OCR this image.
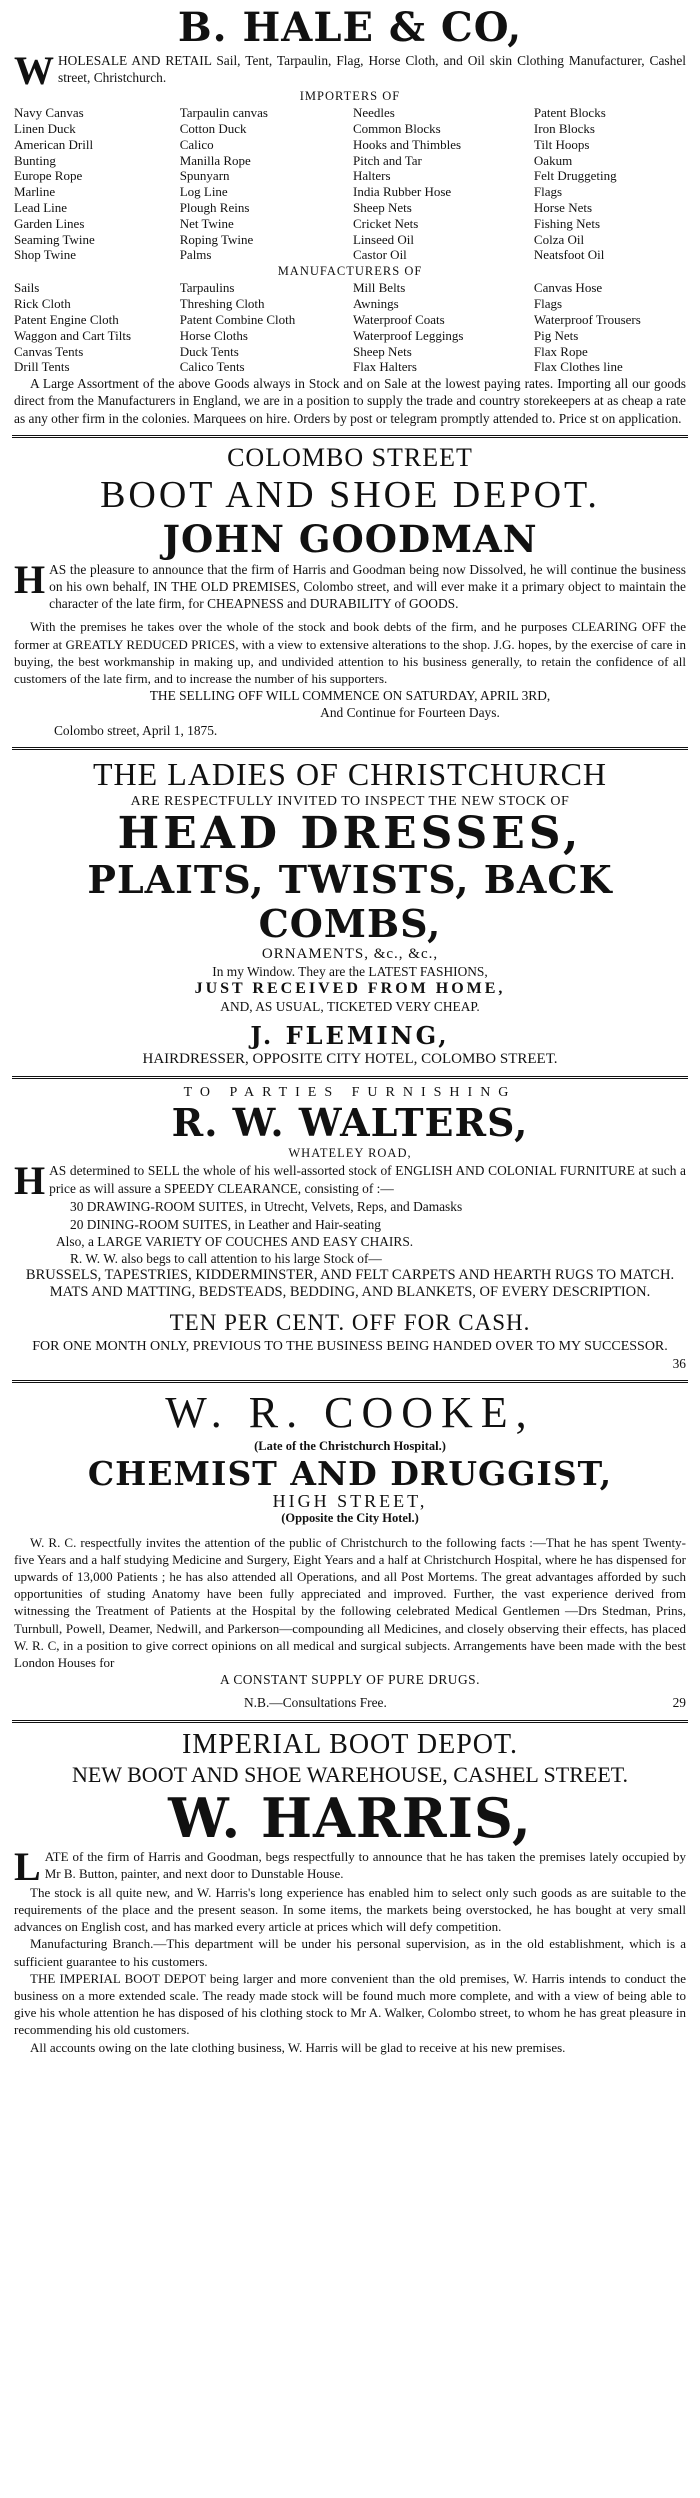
B. HALE & CO,
WHOLESALE AND RETAIL Sail, Tent, Tarpaulin, Flag, Horse Cloth, and Oil skin Clothing Manufacturer, Cashel street, Christchurch.
IMPORTERS OF
Navy Canvas	Tarpaulin canvas	Needles	Patent Blocks
Linen Duck	Cotton Duck	Common Blocks	Iron Blocks
American Drill	Calico	Hooks and Thimbles	Tilt Hoops
Bunting	Manilla Rope	Pitch and Tar	Oakum
Europe Rope	Spunyarn	Halters	Felt Druggeting
Marline	Log Line	India Rubber Hose	Flags
Lead Line	Plough Reins	Sheep Nets	Horse Nets
Garden Lines	Net Twine	Cricket Nets	Fishing Nets
Seaming Twine	Roping Twine	Linseed Oil	Colza Oil
Shop Twine	Palms	Castor Oil	Neatsfoot Oil
MANUFACTURERS OF
Sails	Tarpaulins	Mill Belts	Canvas Hose
Rick Cloth	Threshing Cloth	Awnings	Flags
Patent Engine Cloth	Patent Combine Cloth	Waterproof Coats	Waterproof Trousers
Waggon and Cart Tilts	Horse Cloths	Waterproof Leggings	Pig Nets
Canvas Tents	Duck Tents	Sheep Nets	Flax Rope
Drill Tents	Calico Tents	Flax Halters	Flax Clothes line
A Large Assortment of the above Goods always in Stock and on Sale at the lowest paying rates. Importing all our goods direct from the Manufacturers in England, we are in a position to supply the trade and country storekeepers at as cheap a rate as any other firm in the colonies. Marquees on hire. Orders by post or telegram promptly attended to. Price st on application.
COLOMBO STREET
BOOT AND SHOE DEPOT.
JOHN GOODMAN
HAS the pleasure to announce that the firm of Harris and Goodman being now Dissolved, he will continue the business on his own behalf, IN THE OLD PREMISES, Colombo street, and will ever make it a primary object to maintain the character of the late firm, for CHEAPNESS and DURABILITY of GOODS.
With the premises he takes over the whole of the stock and book debts of the firm, and he purposes CLEARING OFF the former at GREATLY REDUCED PRICES, with a view to extensive alterations to the shop. J.G. hopes, by the exercise of care in buying, the best workmanship in making up, and undivided attention to his business generally, to retain the confidence of all customers of the late firm, and to increase the number of his supporters.
THE SELLING OFF WILL COMMENCE ON SATURDAY, APRIL 3RD,
And Continue for Fourteen Days.
Colombo street, April 1, 1875.
THE LADIES OF CHRISTCHURCH
ARE RESPECTFULLY INVITED TO INSPECT THE NEW STOCK OF
HEAD DRESSES,
PLAITS, TWISTS, BACK COMBS,
ORNAMENTS, &c., &c.,
In my Window. They are the LATEST FASHIONS,
JUST RECEIVED FROM HOME,
AND, AS USUAL, TICKETED VERY CHEAP.
J. FLEMING,
HAIRDRESSER, OPPOSITE CITY HOTEL, COLOMBO STREET.
TO PARTIES FURNISHING
R. W. WALTERS,
WHATELEY ROAD,
HAS determined to SELL the whole of his well-assorted stock of ENGLISH AND COLONIAL FURNITURE at such a price as will assure a SPEEDY CLEARANCE, consisting of :—
30 DRAWING-ROOM SUITES, in Utrecht, Velvets, Reps, and Damasks
20 DINING-ROOM SUITES, in Leather and Hair-seating
Also, a LARGE VARIETY OF COUCHES AND EASY CHAIRS.
R. W. W. also begs to call attention to his large Stock of—
BRUSSELS, TAPESTRIES, KIDDERMINSTER, AND FELT CARPETS AND HEARTH RUGS TO MATCH.
MATS AND MATTING, BEDSTEADS, BEDDING, AND BLANKETS, OF EVERY DESCRIPTION.
TEN PER CENT. OFF FOR CASH.
FOR ONE MONTH ONLY, PREVIOUS TO THE BUSINESS BEING HANDED OVER TO MY SUCCESSOR.
36
W. R. COOKE,
(Late of the Christchurch Hospital.)
CHEMIST AND DRUGGIST,
HIGH STREET,
(Opposite the City Hotel.)
W. R. C. respectfully invites the attention of the public of Christchurch to the following facts :—That he has spent Twenty-five Years and a half studying Medicine and Surgery, Eight Years and a half at Christchurch Hospital, where he has dispensed for upwards of 13,000 Patients ; he has also attended all Operations, and all Post Mortems. The great advantages afforded by such opportunities of studing Anatomy have been fully appreciated and improved. Further, the vast experience derived from witnessing the Treatment of Patients at the Hospital by the following celebrated Medical Gentlemen —Drs Stedman, Prins, Turnbull, Powell, Deamer, Nedwill, and Parkerson—compounding all Medicines, and closely observing their effects, has placed W. R. C, in a position to give correct opinions on all medical and surgical subjects. Arrangements have been made with the best London Houses for
A CONSTANT SUPPLY OF PURE DRUGS.
N.B.—Consultations Free.	29
IMPERIAL BOOT DEPOT.
NEW BOOT AND SHOE WAREHOUSE, CASHEL STREET.
W. HARRIS,
LATE of the firm of Harris and Goodman, begs respectfully to announce that he has taken the premises lately occupied by Mr B. Button, painter, and next door to Dunstable House.
The stock is all quite new, and W. Harris's long experience has enabled him to select only such goods as are suitable to the requirements of the place and the present season. In some items, the markets being overstocked, he has bought at very small advances on English cost, and has marked every article at prices which will defy competition.
Manufacturing Branch.—This department will be under his personal supervision, as in the old establishment, which is a sufficient guarantee to his customers.
THE IMPERIAL BOOT DEPOT being larger and more convenient than the old premises, W. Harris intends to conduct the business on a more extended scale. The ready made stock will be found much more complete, and with a view of being able to give his whole attention he has disposed of his clothing stock to Mr A. Walker, Colombo street, to whom he has great pleasure in recommending his old customers.
All accounts owing on the late clothing business, W. Harris will be glad to receive at his new premises.
